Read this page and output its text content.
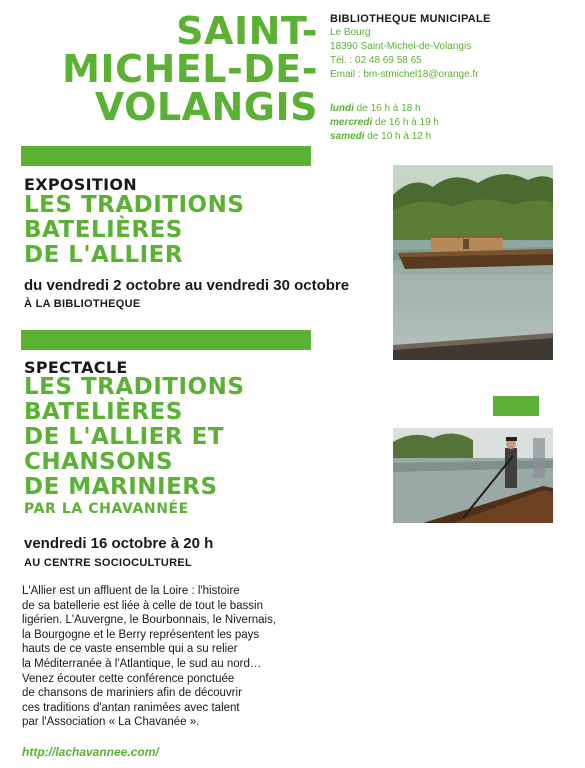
SAINT-
MICHEL-DE-
VOLANGIS
BIBLIOTHEQUE MUNICIPALE
Le Bourg
18390 Saint-Michel-de-Volangis
Tél. : 02 48 69 58 65
Email : bm-stmichel18@orange.fr
lundi de 16 h à 18 h
mercredi de 16 h à 19 h
samedi de 10 h à 12 h
EXPOSITION
LES TRADITIONS
BATELIÈRES
DE L'ALLIER
du vendredi 2 octobre au vendredi 30 octobre
À LA BIBLIOTHEQUE
SPECTACLE
LES TRADITIONS
BATELIÈRES
DE L'ALLIER ET
CHANSONS
DE MARINIERS
PAR LA CHAVANNÉE
vendredi 16 octobre à 20 h
AU CENTRE SOCIOCULTUREL
L'Allier est un affluent de la Loire : l'histoire
de sa batellerie est liée à celle de tout le bassin
ligérien. L'Auvergne, le Bourbonnais, le Nivernais,
la Bourgogne et le Berry représentent les pays
hauts de ce vaste ensemble qui a su relier
la Méditerranée à l'Atlantique, le sud au nord…
Venez écouter cette conférence ponctuée
de chansons de mariniers afin de découvrir
ces traditions d'antan ranimées avec talent
par l'Association « La Chavanée ».
http://lachavannee.com/
